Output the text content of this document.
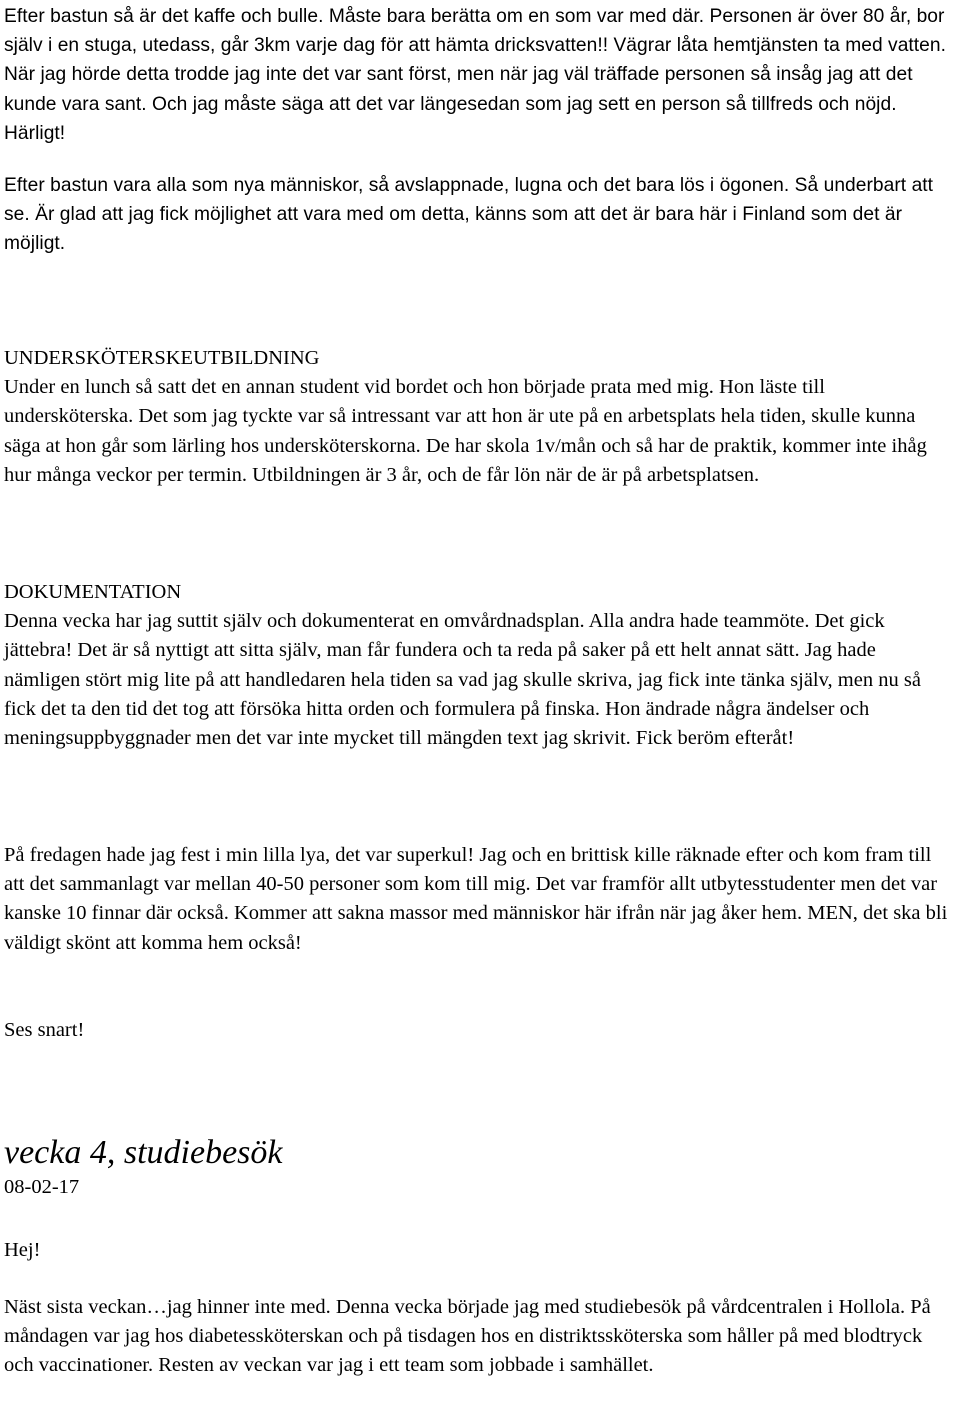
Efter bastun så är det kaffe och bulle. Måste bara berätta om en som var med där. Personen är över 80 år, bor själv i en stuga, utedass, går 3km varje dag för att hämta dricksvatten!! Vägrar låta hemtjänsten ta med vatten. När jag hörde detta trodde jag inte det var sant först, men när jag väl träffade personen så insåg jag att det kunde vara sant. Och jag måste säga att det var längesedan som jag sett en person så tillfreds och nöjd. Härligt!

Efter bastun vara alla som nya människor, så avslappnade, lugna och det bara lös i ögonen. Så underbart att se. Är glad att jag fick möjlighet att vara med om detta, känns som att det är bara här i Finland som det är möjligt.

UNDERSKÖTERSKEUTBILDNING

Under en lunch så satt det en annan student vid bordet och hon började prata med mig. Hon läste till undersköterska. Det som jag tyckte var så intressant var att hon är ute på en arbetsplats hela tiden, skulle kunna säga at hon går som lärling hos undersköterskorna. De har skola 1v/mån och så har de praktik, kommer inte ihåg hur många veckor per termin. Utbildningen är 3 år, och de får lön när de är på arbetsplatsen.

DOKUMENTATION

Denna vecka har jag suttit själv och dokumenterat en omvårdnadsplan. Alla andra hade teammöte. Det gick jättebra! Det är så nyttigt att sitta själv, man får fundera och ta reda på saker på ett helt annat sätt. Jag hade nämligen stört mig lite på att handledaren hela tiden sa vad jag skulle skriva, jag fick inte tänka själv, men nu så fick det ta den tid det tog att försöka hitta orden och formulera på finska. Hon ändrade några ändelser och meningsuppbyggnader men det var inte mycket till mängden text jag skrivit. Fick beröm efteråt!

På fredagen hade jag fest i min lilla lya, det var superkul! Jag och en brittisk kille räknade efter och kom fram till att det sammanlagt var mellan 40-50 personer som kom till mig. Det var framför allt utbytesstudenter men det var kanske 10 finnar där också. Kommer att sakna massor med människor här ifrån när jag åker hem. MEN, det ska bli väldigt skönt att komma hem också!

Ses snart!

vecka 4, studiebesök
08-02-17

Hej!

Näst sista veckan…jag hinner inte med. Denna vecka började jag med studiebesök på vårdcentralen i Hollola. På måndagen var jag hos diabetessköterskan och på tisdagen hos en distriktssköterska som håller på med blodtryck och vaccinationer. Resten av veckan var jag i ett team som jobbade i samhället.
